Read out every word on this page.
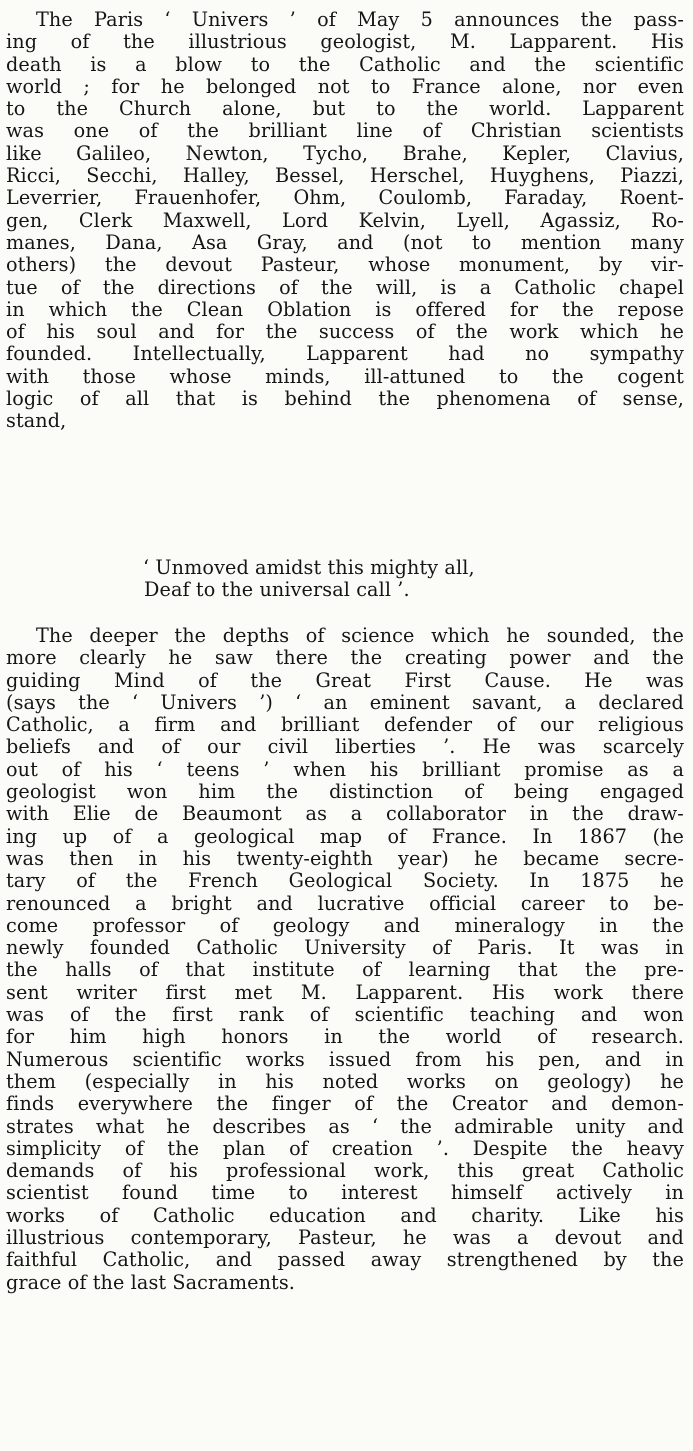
The Paris ‘ Univers ’ of May 5 announces the pass-
ing of the illustrious geologist, M. Lapparent. His
death is a blow to the Catholic and the scientific
world ; for he belonged not to France alone, nor even
to the Church alone, but to the world. Lapparent
was one of the brilliant line of Christian scientists
like Galileo, Newton, Tycho, Brahe, Kepler, Clavius,
Ricci, Secchi, Halley, Bessel, Herschel, Huyghens, Piazzi,
Leverrier, Frauenhofer, Ohm, Coulomb, Faraday, Roent-
gen, Clerk Maxwell, Lord Kelvin, Lyell, Agassiz, Ro-
manes, Dana, Asa Gray, and (not to mention many
others) the devout Pasteur, whose monument, by vir-
tue of the directions of the will, is a Catholic chapel
in which the Clean Oblation is offered for the repose
of his soul and for the success of the work which he
founded. Intellectually, Lapparent had no sympathy
with those whose minds, ill-attuned to the cogent
logic of all that is behind the phenomena of sense,
stand,
‘ Unmoved amidst this mighty all,
Deaf to the universal call ’.
The deeper the depths of science which he sounded, the
more clearly he saw there the creating power and the
guiding Mind of the Great First Cause. He was
(says the ‘ Univers ’) ‘ an eminent savant, a declared
Catholic, a firm and brilliant defender of our religious
beliefs and of our civil liberties ’. He was scarcely
out of his ‘ teens ’ when his brilliant promise as a
geologist won him the distinction of being engaged
with Elie de Beaumont as a collaborator in the draw-
ing up of a geological map of France. In 1867 (he
was then in his twenty-eighth year) he became secre-
tary of the French Geological Society. In 1875 he
renounced a bright and lucrative official career to be-
come professor of geology and mineralogy in the
newly founded Catholic University of Paris. It was in
the halls of that institute of learning that the pre-
sent writer first met M. Lapparent. His work there
was of the first rank of scientific teaching and won
for him high honors in the world of research.
Numerous scientific works issued from his pen, and in
them (especially in his noted works on geology) he
finds everywhere the finger of the Creator and demon-
strates what he describes as ‘ the admirable unity and
simplicity of the plan of creation ’. Despite the heavy
demands of his professional work, this great Catholic
scientist found time to interest himself actively in
works of Catholic education and charity. Like his
illustrious contemporary, Pasteur, he was a devout and
faithful Catholic, and passed away strengthened by the
grace of the last Sacraments.
